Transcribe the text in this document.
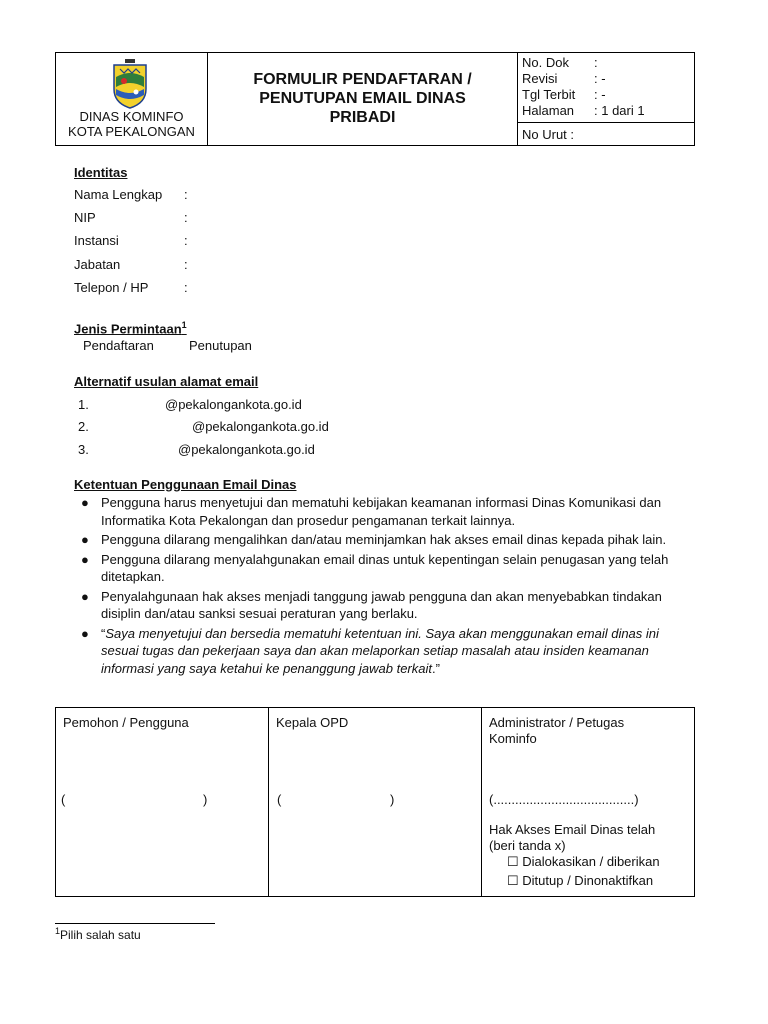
DINAS KOMINFO
KOTA PEKALONGAN
FORMULIR PENDAFTARAN /
PENUTUPAN EMAIL DINAS
PRIBADI
No. Dok	:
Revisi	: -
Tgl Terbit	: -
Halaman	: 1 dari 1
No Urut :
Identitas
Nama Lengkap :
NIP	:
Instansi	:
Jabatan	:
Telepon / HP	:
Jenis Permintaan$^1$
Pendaftaran	Penutupan
Alternatif usulan alamat email
1.	@pekalongankota.go.id
2.	@pekalongankota.go.id
3.	@pekalongankota.go.id
Ketentuan Penggunaan Email Dinas
● Pengguna harus menyetujui dan mematuhi kebijakan keamanan informasi Dinas Komunikasi dan Informatika Kota Pekalongan dan prosedur pengamanan terkait lainnya.
● Pengguna dilarang mengalihkan dan/atau meminjamkan hak akses email dinas kepada pihak lain.
● Pengguna dilarang menyalahgunakan email dinas untuk kepentingan selain penugasan yang telah ditetapkan.
● Penyalahgunaan hak akses menjadi tanggung jawab pengguna dan akan menyebabkan tindakan disiplin dan/atau sanksi sesuai peraturan yang berlaku.
● “Saya menyetujui dan bersedia mematuhi ketentuan ini. Saya akan menggunakan email dinas ini sesuai tugas dan pekerjaan saya dan akan melaporkan setiap masalah atau insiden keamanan informasi yang saya ketahui ke penanggung jawab terkait.”
Pemohon / Pengguna
(	)
Kepala OPD
(	)
Administrator / Petugas
Kominfo
(.......................................)
Hak Akses Email Dinas telah
(beri tanda x)
☐ Dialokasikan / diberikan
☐ Ditutup / Dinonaktifkan
$^1$Pilih salah satu
